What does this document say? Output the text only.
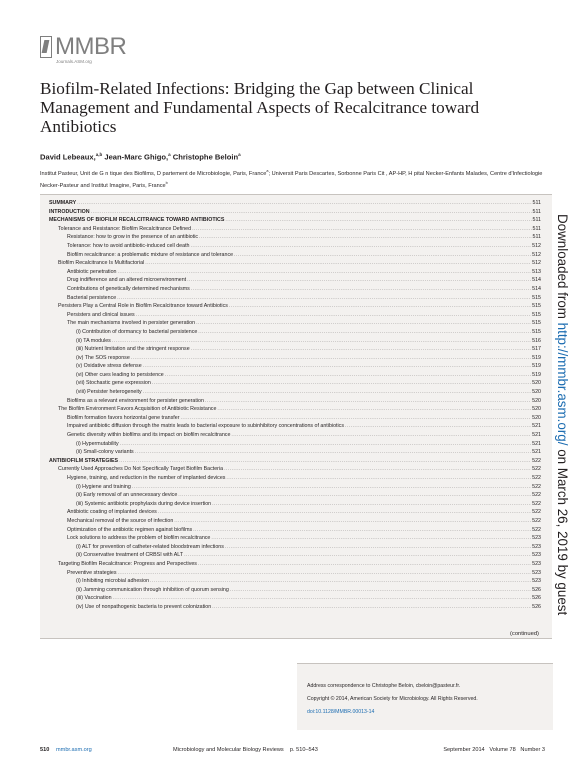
MMBR
Journals.ASM.org
Biofilm-Related Infections: Bridging the Gap between Clinical Management and Fundamental Aspects of Recalcitrance toward Antibiotics
David Lebeaux,$^{a,b}$ Jean-Marc Ghigo,$^a$ Christophe Beloin$^a$
Institut Pasteur, Unit de G n tique des Biofilms, D partement de Microbiologie, Paris, France$^a$; Universit Paris Descartes, Sorbonne Paris Cit , AP-HP, H pital Necker-Enfants Malades, Centre d'Infectiologie Necker-Pasteur and Institut Imagine, Paris, France$^b$
SUMMARY .....	511
INTRODUCTION .....	511
MECHANISMS OF BIOFILM RECALCITRANCE TOWARD ANTIBIOTICS .....	511
Tolerance and Resistance: Biofilm Recalcitrance Defined .....	511
Resistance: how to grow in the presence of an antibiotic .....	511
Tolerance: how to avoid antibiotic-induced cell death .....	512
Biofilm recalcitrance: a problematic mixture of resistance and tolerance .....	512
Biofilm Recalcitrance Is Multifactorial .....	512
Antibiotic penetration .....	513
Drug indifference and an altered microenvironment .....	514
Contributions of genetically determined mechanisms .....	514
Bacterial persistence .....	515
Persisters Play a Central Role in Biofilm Recalcitrance toward Antibiotics .....	515
Persisters and clinical issues .....	515
The main mechanisms involved in persister generation .....	515
(i) Contribution of dormancy to bacterial persistence .....	515
(ii) TA modules .....	516
(iii) Nutrient limitation and the stringent response .....	517
(iv) The SOS response .....	519
(v) Oxidative stress defense .....	519
(vi) Other cues leading to persistence .....	519
(vii) Stochastic gene expression .....	520
(viii) Persister heterogeneity .....	520
Biofilms as a relevant environment for persister generation .....	520
The Biofilm Environment Favors Acquisition of Antibiotic Resistance .....	520
Biofilm formation favors horizontal gene transfer .....	520
Impaired antibiotic diffusion through the matrix leads to bacterial exposure to subinhibitory concentrations of antibiotics .....	521
Genetic diversity within biofilms and its impact on biofilm recalcitrance .....	521
(i) Hypermutability .....	521
(ii) Small-colony variants .....	521
ANTIBIOFILM STRATEGIES .....	522
Currently Used Approaches Do Not Specifically Target Biofilm Bacteria .....	522
Hygiene, training, and reduction in the number of implanted devices .....	522
(i) Hygiene and training .....	522
(ii) Early removal of an unnecessary device .....	522
(iii) Systemic antibiotic prophylaxis during device insertion .....	522
Antibiotic coating of implanted devices .....	522
Mechanical removal of the source of infection .....	522
Optimization of the antibiotic regimen against biofilms .....	522
Lock solutions to address the problem of biofilm recalcitrance .....	523
(i) ALT for prevention of catheter-related bloodstream infections .....	523
(ii) Conservative treatment of CRBSI with ALT .....	523
Targeting Biofilm Recalcitrance: Progress and Perspectives .....	523
Preventive strategies .....	523
(i) Inhibiting microbial adhesion .....	523
(ii) Jamming communication through inhibition of quorum sensing .....	526
(iii) Vaccination .....	526
(iv) Use of nonpathogenic bacteria to prevent colonization .....	526
(continued)
Address correspondence to Christophe Beloin, cbeloin@pasteur.fr.
Copyright © 2014, American Society for Microbiology. All Rights Reserved.
doi:10.1128/MMBR.00013-14
510 mmbr.asm.org	Microbiology and Molecular Biology Reviews    p. 510–543	September 2014   Volume 78   Number 3
Downloaded from http://mmbr.asm.org/ on March 26, 2019 by guest
